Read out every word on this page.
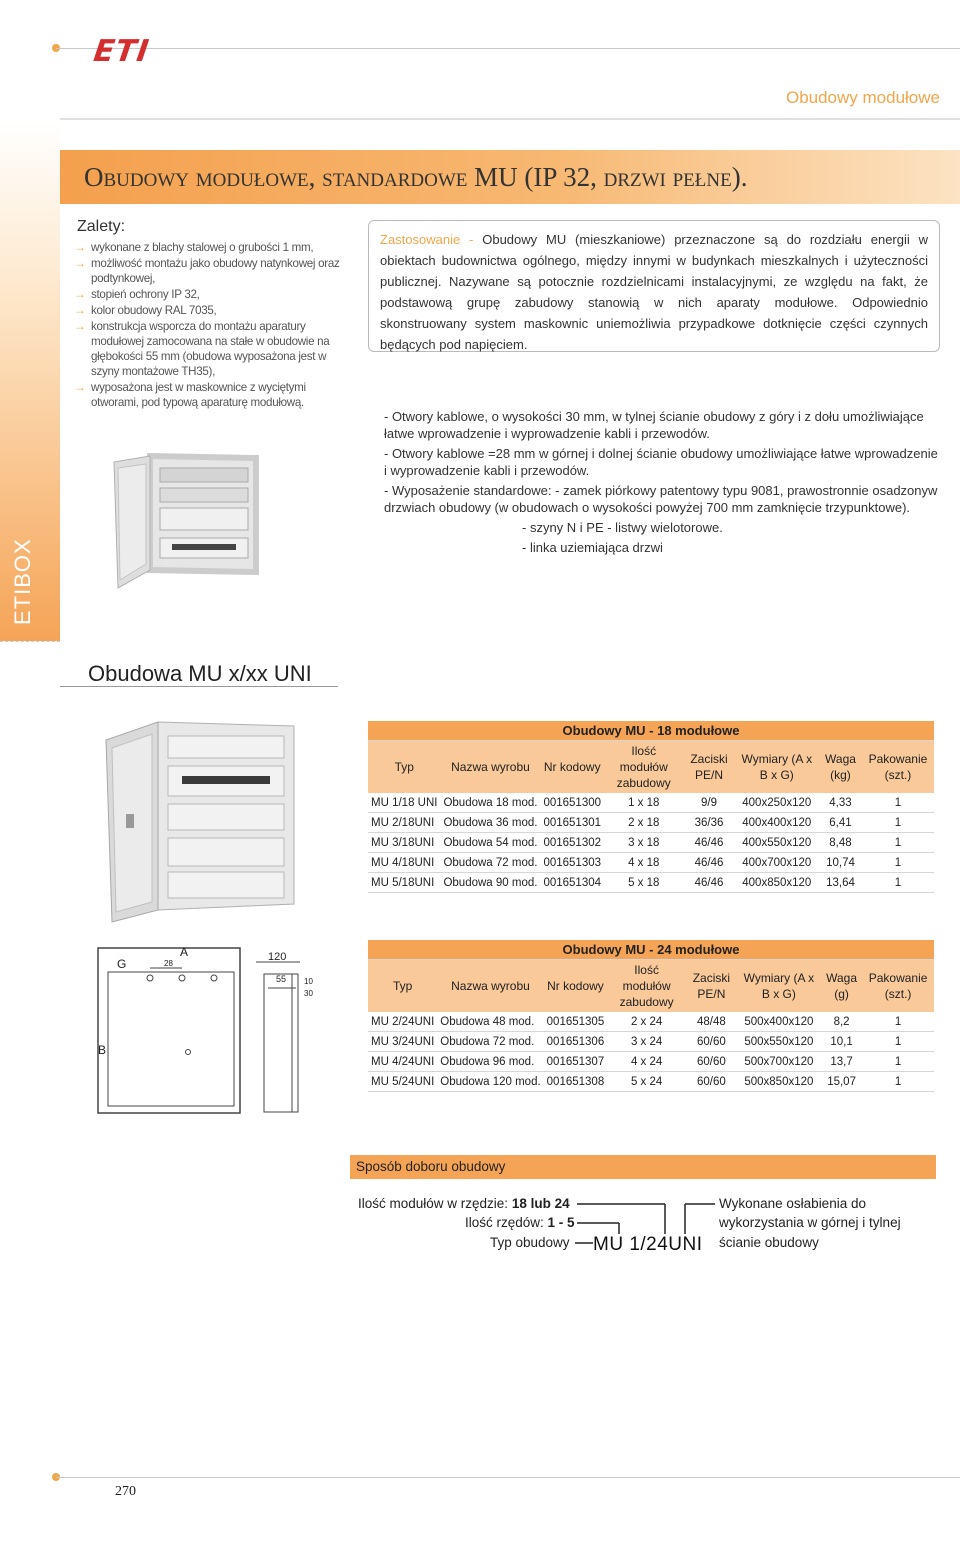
ETI
Obudowy modułowe
ETIBOX
Obudowy modułowe, standardowe MU (IP 32, drzwi pełne).
Zalety:
→ wykonane z blachy stalowej o grubości 1 mm,
→ możliwość montażu jako obudowy natynkowej oraz podtynkowej,
→ stopień ochrony IP 32,
→ kolor obudowy RAL 7035,
→ konstrukcja wsporcza do montażu aparatury modułowej zamocowana na stałe w obudowie na głębokości 55 mm (obudowa wyposażona jest w szyny montażowe TH35),
→ wyposażona jest w maskownice z wyciętymi otworami, pod typową aparaturę modułową.
Zastosowanie - Obudowy MU (mieszkaniowe) przeznaczone są do rozdziału energii w obiektach budownictwa ogólnego, między innymi w budynkach mieszkalnych i użyteczności publicznej. Nazywane są potocznie rozdzielnicami instalacyjnymi, ze względu na fakt, że podstawową grupę zabudowy stanowią w nich aparaty modułowe. Odpowiednio skonstruowany system maskownic uniemożliwia przypadkowe dotknięcie części czynnych będących pod napięciem.

- Otwory kablowe, o wysokości 30 mm, w tylnej ścianie obudowy z góry i z dołu umożliwiające łatwe wprowadzenie i wyprowadzenie kabli i przewodów.

- Otwory kablowe =28 mm w górnej i dolnej ścianie obudowy umożliwiające łatwe wprowadzenie i wyprowadzenie kabli i przewodów.

- Wyposażenie standardowe: - zamek piórkowy patentowy typu 9081, prawostronnie osadzonyw drzwiach obudowy (w obudowach o wysokości powyżej 700 mm zamknięcie trzypunktowe).

- szyny N i PE - listwy wielotorowe.

- linka uziemiająca drzwi

Obudowa MU x/xx UNI
Obudowy MU - 18 modułowe							
Typ	Nazwa wyrobu	Nr kodowy	Ilość modułów zabudowy	Zaciski PE/N	Wymiary (A x B x G)	Waga (kg)	Pakowanie (szt.)
MU 1/18 UNI	Obudowa 18 mod.	001651300	1 x 18	9/9	400x250x120	4,33	1
MU 2/18UNI	Obudowa 36 mod.	001651301	2 x 18	36/36	400x400x120	6,41	1
MU 3/18UNI	Obudowa 54 mod.	001651302	3 x 18	46/46	400x550x120	8,48	1
MU 4/18UNI	Obudowa 72 mod.	001651303	4 x 18	46/46	400x700x120	10,74	1
MU 5/18UNI	Obudowa 90 mod.	001651304	5 x 18	46/46	400x850x120	13,64	1
Obudowy MU - 24 modułowe							
Typ	Nazwa wyrobu	Nr kodowy	Ilość modułów zabudowy	Zaciski PE/N	Wymiary (A x B x G)	Waga (g)	Pakowanie (szt.)
MU 2/24UNI	Obudowa 48 mod.	001651305	2 x 24	48/48	500x400x120	8,2	1
MU 3/24UNI	Obudowa 72 mod.	001651306	3 x 24	60/60	500x550x120	10,1	1
MU 4/24UNI	Obudowa 96 mod.	001651307	4 x 24	60/60	500x700x120	13,7	1
MU 5/24UNI	Obudowa 120 mod.	001651308	5 x 24	60/60	500x850x120	15,07	1
G
A
28
B
120
55 10
30
Sposób doboru obudowy
Ilość modułów w rzędzie: 18 lub 24
Ilość rzędów: 1 - 5
Typ obudowy MU 1/24UNI
Wykonane osłabienia do
wykorzystania w górnej i tylnej
ścianie obudowy
270
